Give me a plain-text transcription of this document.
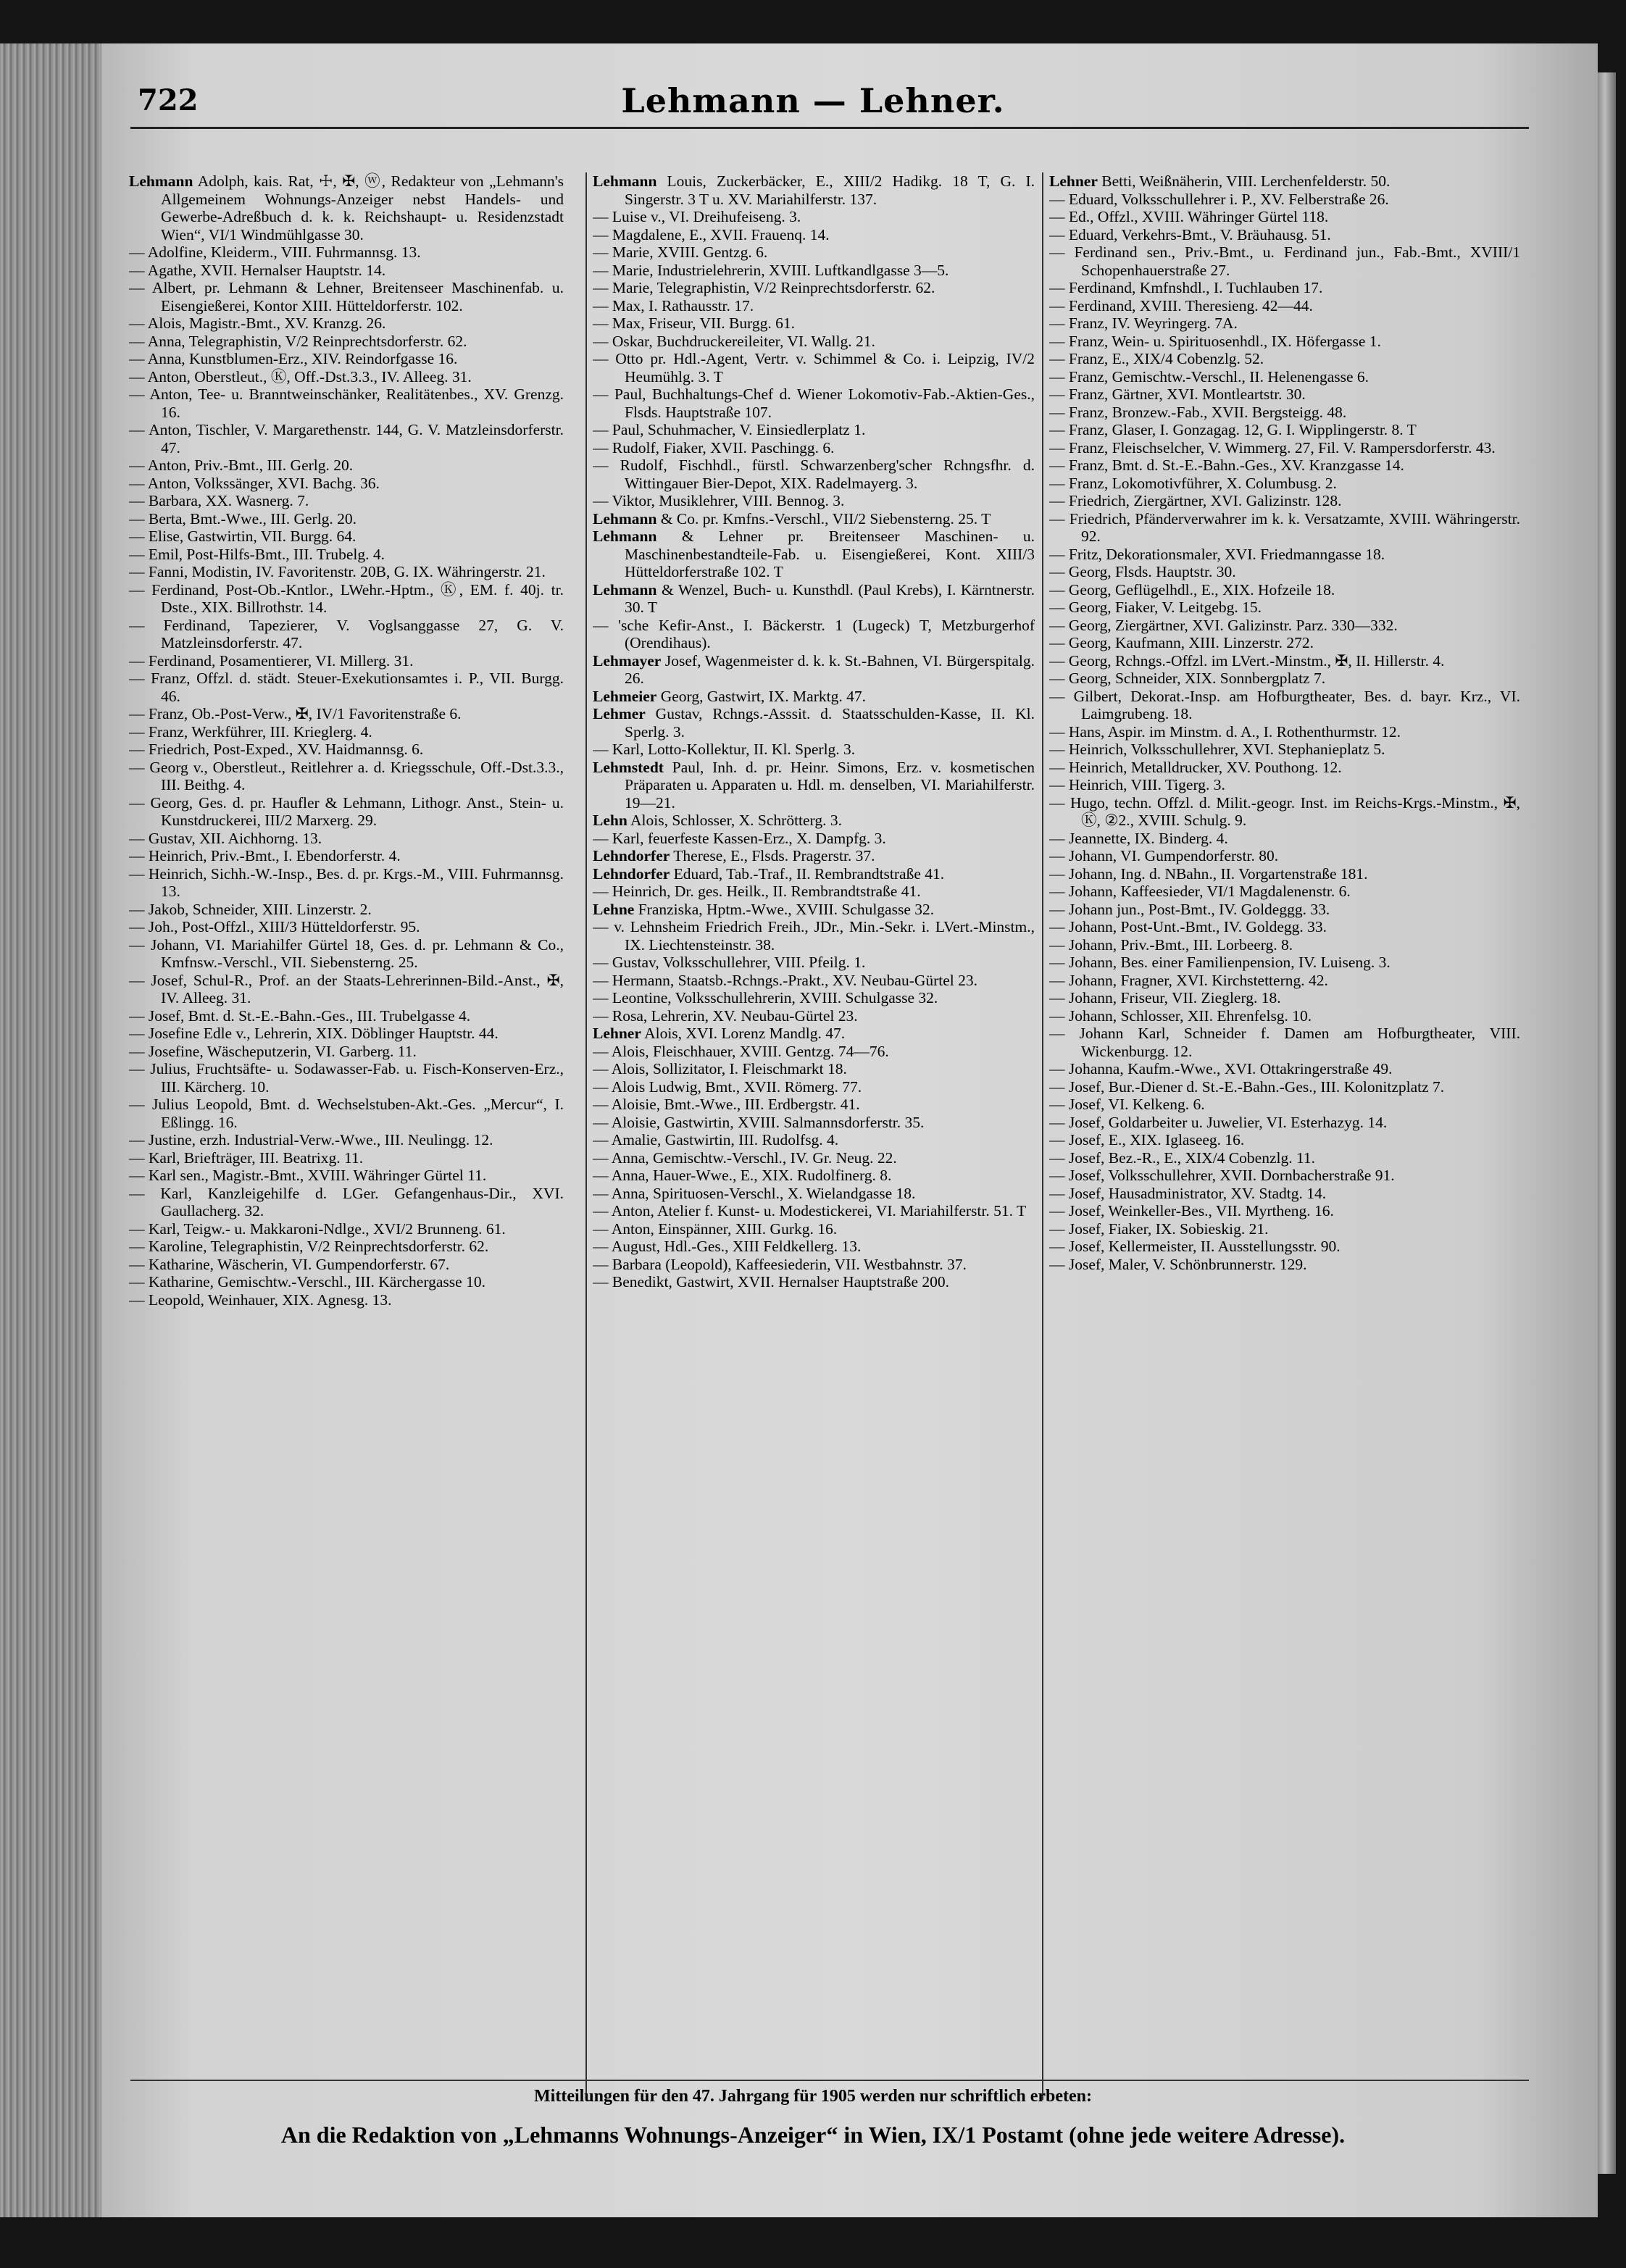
722	Lehmann — Lehner.

Lehmann Adolph, kais. Rat, ☩, ✠, ⓦ, Redakteur von „Lehmann's Allgemeinem Wohnungs-Anzeiger nebst Handels- und Gewerbe-Adreßbuch d. k. k. Reichshaupt- u. Residenzstadt Wien“, VI/1 Windmühlgasse 30.

— Adolfine, Kleiderm., VIII. Fuhrmannsg. 13.

— Agathe, XVII. Hernalser Hauptstr. 14.

— Albert, pr. Lehmann & Lehner, Breitenseer Maschinenfab. u. Eisengießerei, Kontor XIII. Hütteldorferstr. 102.

— Alois, Magistr.-Bmt., XV. Kranzg. 26.

— Anna, Telegraphistin, V/2 Reinprechtsdorferstr. 62.

— Anna, Kunstblumen-Erz., XIV. Reindorfgasse 16.

— Anton, Oberstleut., Ⓚ, Off.-Dst.3.3., IV. Alleeg. 31.

— Anton, Tee- u. Branntweinschänker, Realitätenbes., XV. Grenzg. 16.

— Anton, Tischler, V. Margarethenstr. 144, G. V. Matzleinsdorferstr. 47.

— Anton, Priv.-Bmt., III. Gerlg. 20.

— Anton, Volkssänger, XVI. Bachg. 36.

— Barbara, XX. Wasnerg. 7.

— Berta, Bmt.-Wwe., III. Gerlg. 20.

— Elise, Gastwirtin, VII. Burgg. 64.

— Emil, Post-Hilfs-Bmt., III. Trubelg. 4.

— Fanni, Modistin, IV. Favoritenstr. 20B, G. IX. Währingerstr. 21.

— Ferdinand, Post-Ob.-Kntlor., LWehr.-Hptm., Ⓚ, EM. f. 40j. tr. Dste., XIX. Billrothstr. 14.

— Ferdinand, Tapezierer, V. Voglsanggasse 27, G. V. Matzleinsdorferstr. 47.

— Ferdinand, Posamentierer, VI. Millerg. 31.

— Franz, Offzl. d. städt. Steuer-Exekutionsamtes i. P., VII. Burgg. 46.

— Franz, Ob.-Post-Verw., ✠, IV/1 Favoritenstraße 6.

— Franz, Werkführer, III. Krieglerg. 4.

— Friedrich, Post-Exped., XV. Haidmannsg. 6.

— Georg v., Oberstleut., Reitlehrer a. d. Kriegsschule, Off.-Dst.3.3., III. Beithg. 4.

— Georg, Ges. d. pr. Haufler & Lehmann, Lithogr. Anst., Stein- u. Kunstdruckerei, III/2 Marxerg. 29.

— Gustav, XII. Aichhorng. 13.

— Heinrich, Priv.-Bmt., I. Ebendorferstr. 4.

— Heinrich, Sichh.-W.-Insp., Bes. d. pr. Krgs.-M., VIII. Fuhrmannsg. 13.

— Jakob, Schneider, XIII. Linzerstr. 2.

— Joh., Post-Offzl., XIII/3 Hütteldorferstr. 95.

— Johann, VI. Mariahilfer Gürtel 18, Ges. d. pr. Lehmann & Co., Kmfnsw.-Verschl., VII. Siebensterng. 25.

— Josef, Schul-R., Prof. an der Staats-Lehrerinnen-Bild.-Anst., ✠, IV. Alleeg. 31.

— Josef, Bmt. d. St.-E.-Bahn.-Ges., III. Trubelgasse 4.

— Josefine Edle v., Lehrerin, XIX. Döblinger Hauptstr. 44.

— Josefine, Wäscheputzerin, VI. Garberg. 11.

— Julius, Fruchtsäfte- u. Sodawasser-Fab. u. Fisch-Konserven-Erz., III. Kärcherg. 10.

— Julius Leopold, Bmt. d. Wechselstuben-Akt.-Ges. „Mercur“, I. Eßlingg. 16.

— Justine, erzh. Industrial-Verw.-Wwe., III. Neulingg. 12.

— Karl, Briefträger, III. Beatrixg. 11.

— Karl sen., Magistr.-Bmt., XVIII. Währinger Gürtel 11.

— Karl, Kanzleigehilfe d. LGer. Gefangenhaus-Dir., XVI. Gaullacherg. 32.

— Karl, Teigw.- u. Makkaroni-Ndlge., XVI/2 Brunneng. 61.

— Karoline, Telegraphistin, V/2 Reinprechtsdorferstr. 62.

— Katharine, Wäscherin, VI. Gumpendorferstr. 67.

— Katharine, Gemischtw.-Verschl., III. Kärchergasse 10.

— Leopold, Weinhauer, XIX. Agnesg. 13.

Lehmann Louis, Zuckerbäcker, E., XIII/2 Hadikg. 18 T, G. I. Singerstr. 3 T u. XV. Mariahilferstr. 137.

— Luise v., VI. Dreihufeiseng. 3.

— Magdalene, E., XVII. Frauenq. 14.

— Marie, XVIII. Gentzg. 6.

— Marie, Industrielehrerin, XVIII. Luftkandlgasse 3—5.

— Marie, Telegraphistin, V/2 Reinprechtsdorferstr. 62.

— Max, I. Rathausstr. 17.

— Max, Friseur, VII. Burgg. 61.

— Oskar, Buchdruckereileiter, VI. Wallg. 21.

— Otto pr. Hdl.-Agent, Vertr. v. Schimmel & Co. i. Leipzig, IV/2 Heumühlg. 3. T

— Paul, Buchhaltungs-Chef d. Wiener Lokomotiv-Fab.-Aktien-Ges., Flsds. Hauptstraße 107.

— Paul, Schuhmacher, V. Einsiedlerplatz 1.

— Rudolf, Fiaker, XVII. Paschingg. 6.

— Rudolf, Fischhdl., fürstl. Schwarzenberg'scher Rchngsfhr. d. Wittingauer Bier-Depot, XIX. Radelmayerg. 3.

— Viktor, Musiklehrer, VIII. Bennog. 3.

Lehmann & Co. pr. Kmfns.-Verschl., VII/2 Siebensterng. 25. T

Lehmann & Lehner pr. Breitenseer Maschinen- u. Maschinenbestandteile-Fab. u. Eisengießerei, Kont. XIII/3 Hütteldorferstraße 102. T

Lehmann & Wenzel, Buch- u. Kunsthdl. (Paul Krebs), I. Kärntnerstr. 30. T

— 'sche Kefir-Anst., I. Bäckerstr. 1 (Lugeck) T, Metzburgerhof (Orendihaus).

Lehmayer Josef, Wagenmeister d. k. k. St.-Bahnen, VI. Bürgerspitalg. 26.

Lehmeier Georg, Gastwirt, IX. Marktg. 47.

Lehmer Gustav, Rchngs.-Asssit. d. Staatsschulden-Kasse, II. Kl. Sperlg. 3.

— Karl, Lotto-Kollektur, II. Kl. Sperlg. 3.

Lehmstedt Paul, Inh. d. pr. Heinr. Simons, Erz. v. kosmetischen Präparaten u. Apparaten u. Hdl. m. denselben, VI. Mariahilferstr. 19—21.

Lehn Alois, Schlosser, X. Schrötterg. 3.

— Karl, feuerfeste Kassen-Erz., X. Dampfg. 3.

Lehndorfer Therese, E., Flsds. Pragerstr. 37.

Lehndorfer Eduard, Tab.-Traf., II. Rembrandtstraße 41.

— Heinrich, Dr. ges. Heilk., II. Rembrandtstraße 41.

Lehne Franziska, Hptm.-Wwe., XVIII. Schulgasse 32.

— v. Lehnsheim Friedrich Freih., JDr., Min.-Sekr. i. LVert.-Minstm., IX. Liechtensteinstr. 38.

— Gustav, Volksschullehrer, VIII. Pfeilg. 1.

— Hermann, Staatsb.-Rchngs.-Prakt., XV. Neubau-Gürtel 23.

— Leontine, Volksschullehrerin, XVIII. Schulgasse 32.

— Rosa, Lehrerin, XV. Neubau-Gürtel 23.

Lehner Alois, XVI. Lorenz Mandlg. 47.

— Alois, Fleischhauer, XVIII. Gentzg. 74—76.

— Alois, Sollizitator, I. Fleischmarkt 18.

— Alois Ludwig, Bmt., XVII. Römerg. 77.

— Aloisie, Bmt.-Wwe., III. Erdbergstr. 41.

— Aloisie, Gastwirtin, XVIII. Salmannsdorferstr. 35.

— Amalie, Gastwirtin, III. Rudolfsg. 4.

— Anna, Gemischtw.-Verschl., IV. Gr. Neug. 22.

— Anna, Hauer-Wwe., E., XIX. Rudolfinerg. 8.

— Anna, Spirituosen-Verschl., X. Wielandgasse 18.

— Anton, Atelier f. Kunst- u. Modestickerei, VI. Mariahilferstr. 51. T

— Anton, Einspänner, XIII. Gurkg. 16.

— August, Hdl.-Ges., XIII Feldkellerg. 13.

— Barbara (Leopold), Kaffeesiederin, VII. Westbahnstr. 37.

— Benedikt, Gastwirt, XVII. Hernalser Hauptstraße 200.

Lehner Betti, Weißnäherin, VIII. Lerchenfelderstr. 50.

— Eduard, Volksschullehrer i. P., XV. Felberstraße 26.

— Ed., Offzl., XVIII. Währinger Gürtel 118.

— Eduard, Verkehrs-Bmt., V. Bräuhausg. 51.

— Ferdinand sen., Priv.-Bmt., u. Ferdinand jun., Fab.-Bmt., XVIII/1 Schopenhauerstraße 27.

— Ferdinand, Kmfnshdl., I. Tuchlauben 17.

— Ferdinand, XVIII. Theresieng. 42—44.

— Franz, IV. Weyringerg. 7A.

— Franz, Wein- u. Spirituosenhdl., IX. Höfergasse 1.

— Franz, E., XIX/4 Cobenzlg. 52.

— Franz, Gemischtw.-Verschl., II. Helenengasse 6.

— Franz, Gärtner, XVI. Montleartstr. 30.

— Franz, Bronzew.-Fab., XVII. Bergsteigg. 48.

— Franz, Glaser, I. Gonzagag. 12, G. I. Wipplingerstr. 8. T

— Franz, Fleischselcher, V. Wimmerg. 27, Fil. V. Rampersdorferstr. 43.

— Franz, Bmt. d. St.-E.-Bahn.-Ges., XV. Kranzgasse 14.

— Franz, Lokomotivführer, X. Columbusg. 2.

— Friedrich, Ziergärtner, XVI. Galizinstr. 128.

— Friedrich, Pfänderverwahrer im k. k. Versatzamte, XVIII. Währingerstr. 92.

— Fritz, Dekorationsmaler, XVI. Friedmanngasse 18.

— Georg, Flsds. Hauptstr. 30.

— Georg, Geflügelhdl., E., XIX. Hofzeile 18.

— Georg, Fiaker, V. Leitgebg. 15.

— Georg, Ziergärtner, XVI. Galizinstr. Parz. 330—332.

— Georg, Kaufmann, XIII. Linzerstr. 272.

— Georg, Rchngs.-Offzl. im LVert.-Minstm., ✠, II. Hillerstr. 4.

— Georg, Schneider, XIX. Sonnbergplatz 7.

— Gilbert, Dekorat.-Insp. am Hofburgtheater, Bes. d. bayr. Krz., VI. Laimgrubeng. 18.

— Hans, Aspir. im Minstm. d. A., I. Rothenthurmstr. 12.

— Heinrich, Volksschullehrer, XVI. Stephanieplatz 5.

— Heinrich, Metalldrucker, XV. Pouthong. 12.

— Heinrich, VIII. Tigerg. 3.

— Hugo, techn. Offzl. d. Milit.-geogr. Inst. im Reichs-Krgs.-Minstm., ✠, Ⓚ, ②2., XVIII. Schulg. 9.

— Jeannette, IX. Binderg. 4.

— Johann, VI. Gumpendorferstr. 80.

— Johann, Ing. d. NBahn., II. Vorgartenstraße 181.

— Johann, Kaffeesieder, VI/1 Magdalenenstr. 6.

— Johann jun., Post-Bmt., IV. Goldeggg. 33.

— Johann, Post-Unt.-Bmt., IV. Goldegg. 33.

— Johann, Priv.-Bmt., III. Lorbeerg. 8.

— Johann, Bes. einer Familienpension, IV. Luiseng. 3.

— Johann, Fragner, XVI. Kirchstetterng. 42.

— Johann, Friseur, VII. Zieglerg. 18.

— Johann, Schlosser, XII. Ehrenfelsg. 10.

— Johann Karl, Schneider f. Damen am Hofburgtheater, VIII. Wickenburgg. 12.

— Johanna, Kaufm.-Wwe., XVI. Ottakringerstraße 49.

— Josef, Bur.-Diener d. St.-E.-Bahn.-Ges., III. Kolonitzplatz 7.

— Josef, VI. Kelkeng. 6.

— Josef, Goldarbeiter u. Juwelier, VI. Esterhazyg. 14.

— Josef, E., XIX. Iglaseeg. 16.

— Josef, Bez.-R., E., XIX/4 Cobenzlg. 11.

— Josef, Volksschullehrer, XVII. Dornbacherstraße 91.

— Josef, Hausadministrator, XV. Stadtg. 14.

— Josef, Weinkeller-Bes., VII. Myrtheng. 16.

— Josef, Fiaker, IX. Sobieskig. 21.

— Josef, Kellermeister, II. Ausstellungsstr. 90.

— Josef, Maler, V. Schönbrunnerstr. 129.

Mitteilungen für den 47. Jahrgang für 1905 werden nur schriftlich erbeten:
An die Redaktion von „Lehmanns Wohnungs-Anzeiger“ in Wien, IX/1 Postamt (ohne jede weitere Adresse).
